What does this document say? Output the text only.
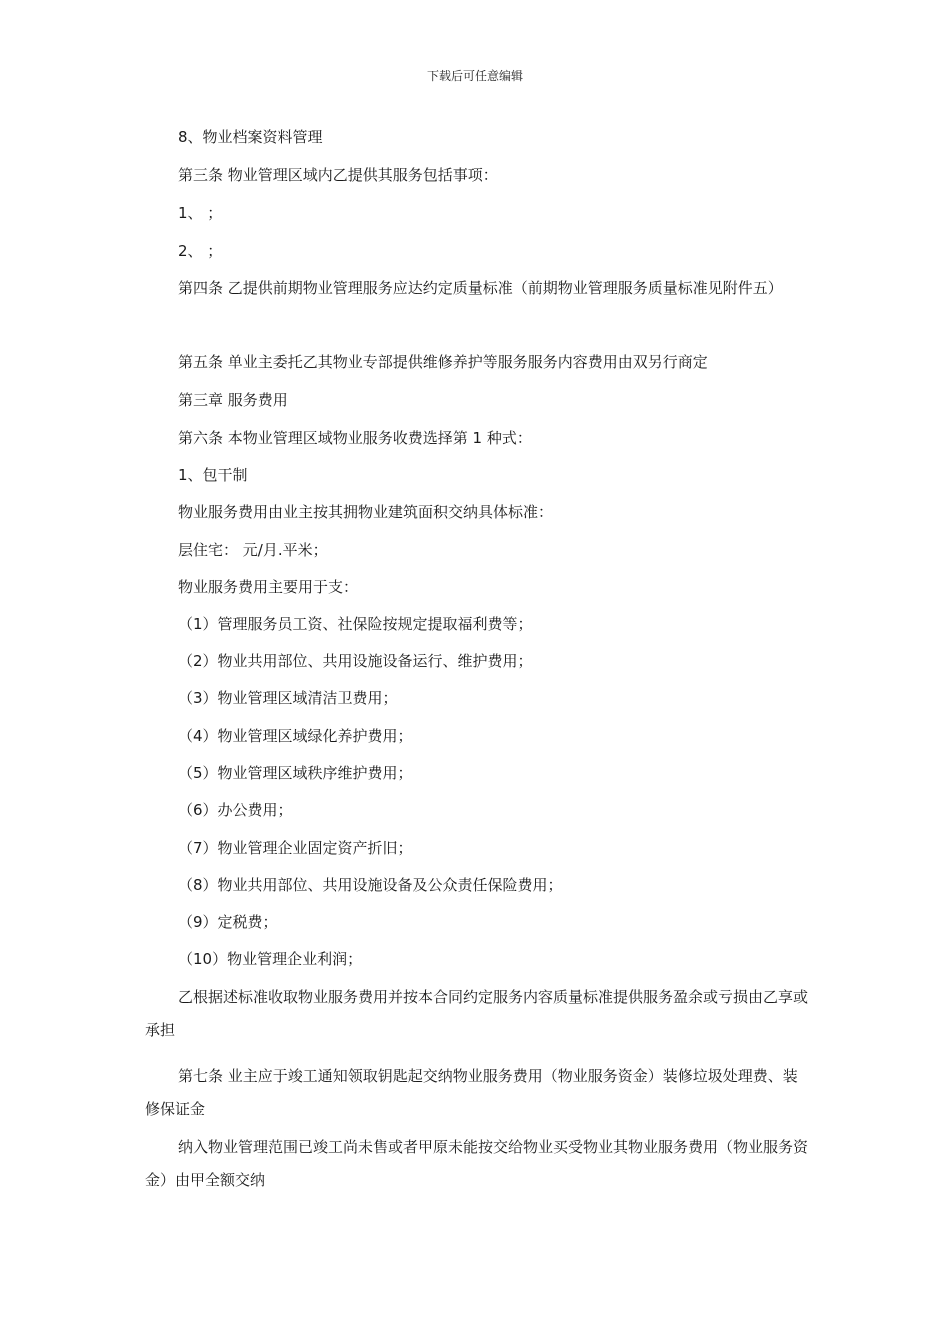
下载后可任意编辑
8、物业档案资料管理
第三条 物业管理区域内乙提供其服务包括事项：
1、 ；
2、 ；
第四条 乙提供前期物业管理服务应达约定质量标准（前期物业管理服务质量标准见附件五）
第五条 单业主委托乙其物业专部提供维修养护等服务服务内容费用由双另行商定
第三章 服务费用
第六条 本物业管理区域物业服务收费选择第 1 种式：
1、包干制
物业服务费用由业主按其拥物业建筑面积交纳具体标准：
层住宅： 元/月.平米；
物业服务费用主要用于支：
（1）管理服务员工资、社保险按规定提取福利费等；
（2）物业共用部位、共用设施设备运行、维护费用；
（3）物业管理区域清洁卫费用；
（4）物业管理区域绿化养护费用；
（5）物业管理区域秩序维护费用；
（6）办公费用；
（7）物业管理企业固定资产折旧；
（8）物业共用部位、共用设施设备及公众责任保险费用；
（9）定税费；
（10）物业管理企业利润；
乙根据述标准收取物业服务费用并按本合同约定服务内容质量标准提供服务盈余或亏损由乙享或承担
第七条 业主应于竣工通知领取钥匙起交纳物业服务费用（物业服务资金）装修垃圾处理费、装修保证金
纳入物业管理范围已竣工尚未售或者甲原未能按交给物业买受物业其物业服务费用（物业服务资金）由甲全额交纳
